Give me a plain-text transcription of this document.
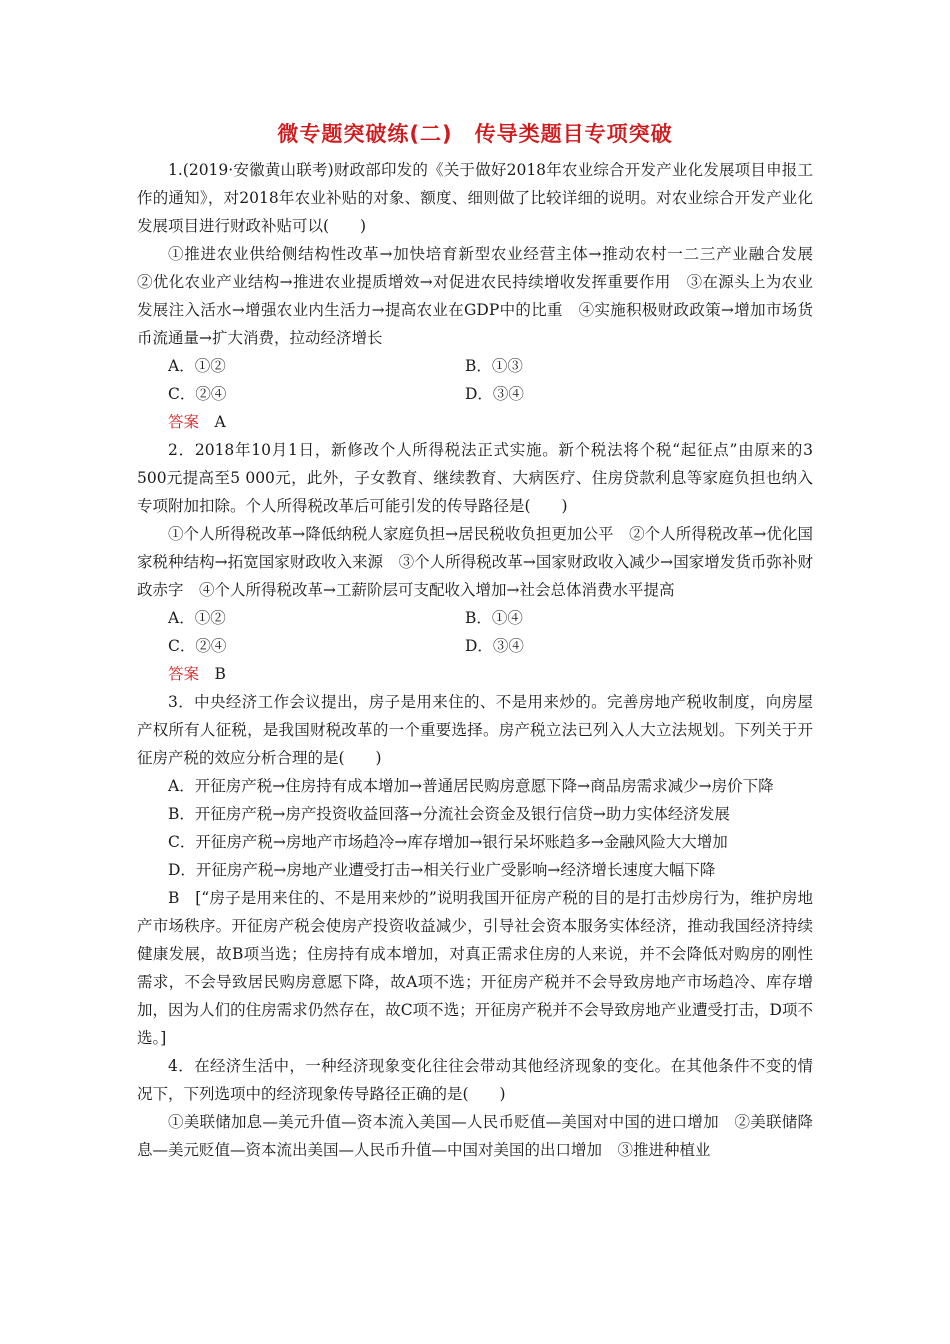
微专题突破练(二)　传导类题目专项突破

1.(2019·安徽黄山联考)财政部印发的《关于做好2018年农业综合开发产业化发展项目申报工作的通知》，对2018年农业补贴的对象、额度、细则做了比较详细的说明。对农业综合开发产业化发展项目进行财政补贴可以(　　)

①推进农业供给侧结构性改革→加快培育新型农业经营主体→推动农村一二三产业融合发展　②优化农业产业结构→推进农业提质增效→对促进农民持续增收发挥重要作用　③在源头上为农业发展注入活水→增强农业内生活力→提高农业在GDP中的比重　④实施积极财政政策→增加市场货币流通量→扩大消费，拉动经济增长

A．①②	B．①③
C．②④	D．③④
答案　 A

2．2018年10月1日，新修改个人所得税法正式实施。新个税法将个税“起征点”由原来的3 500元提高至5 000元，此外，子女教育、继续教育、大病医疗、住房贷款利息等家庭负担也纳入专项附加扣除。个人所得税改革后可能引发的传导路径是(　　)

①个人所得税改革→降低纳税人家庭负担→居民税收负担更加公平　②个人所得税改革→优化国家税种结构→拓宽国家财政收入来源　③个人所得税改革→国家财政收入减少→国家增发货币弥补财政赤字　④个人所得税改革→工薪阶层可支配收入增加→社会总体消费水平提高

A．①②	B．①④
C．②④	D．③④
答案　 B

3．中央经济工作会议提出，房子是用来住的、不是用来炒的。完善房地产税收制度，向房屋产权所有人征税，是我国财税改革的一个重要选择。房产税立法已列入人大立法规划。下列关于开征房产税的效应分析合理的是(　　)

A．开征房产税→住房持有成本增加→普通居民购房意愿下降→商品房需求减少→房价下降

B．开征房产税→房产投资收益回落→分流社会资金及银行信贷→助力实体经济发展

C．开征房产税→房地产市场趋冷→库存增加→银行呆坏账趋多→金融风险大大增加

D．开征房产税→房地产业遭受打击→相关行业广受影响→经济增长速度大幅下降

B　[“房子是用来住的、不是用来炒的”说明我国开征房产税的目的是打击炒房行为，维护房地产市场秩序。开征房产税会使房产投资收益减少，引导社会资本服务实体经济，推动我国经济持续健康发展，故B项当选；住房持有成本增加，对真正需求住房的人来说，并不会降低对购房的刚性需求，不会导致居民购房意愿下降，故A项不选；开征房产税并不会导致房地产市场趋冷、库存增加，因为人们的住房需求仍然存在，故C项不选；开征房产税并不会导致房地产业遭受打击，D项不选。]

4．在经济生活中，一种经济现象变化往往会带动其他经济现象的变化。在其他条件不变的情况下，下列选项中的经济现象传导路径正确的是(　　)

①美联储加息—美元升值—资本流入美国—人民币贬值—美国对中国的进口增加　②美联储降息—美元贬值—资本流出美国—人民币升值—中国对美国的出口增加　③推进种植业
